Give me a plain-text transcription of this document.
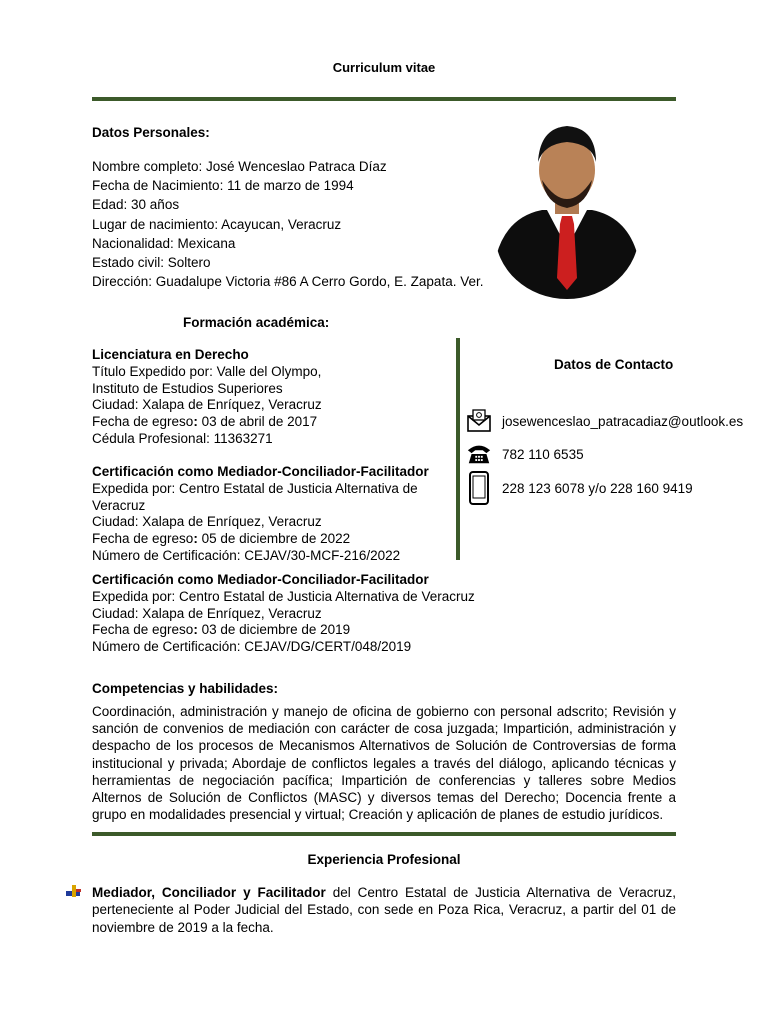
Curriculum vitae
Datos Personales:
Nombre completo: José Wenceslao Patraca Díaz
Fecha de Nacimiento: 11 de marzo de 1994
Edad: 30 años
Lugar de nacimiento: Acayucan, Veracruz
Nacionalidad: Mexicana
Estado civil: Soltero
Dirección: Guadalupe Victoria #86 A Cerro Gordo, E. Zapata. Ver.
Formación académica:
Licenciatura en Derecho
Título Expedido por: Valle del Olympo,
Instituto de Estudios Superiores
Ciudad: Xalapa de Enríquez, Veracruz
Fecha de egreso: 03 de abril de 2017
Cédula Profesional: 11363271
Certificación como Mediador-Conciliador-Facilitador
Expedida por: Centro Estatal de Justicia Alternativa de Veracruz
Ciudad: Xalapa de Enríquez, Veracruz
Fecha de egreso: 05 de diciembre de 2022
Número de Certificación: CEJAV/30-MCF-216/2022
Certificación como Mediador-Conciliador-Facilitador
Expedida por: Centro Estatal de Justicia Alternativa de Veracruz
Ciudad: Xalapa de Enríquez, Veracruz
Fecha de egreso: 03 de diciembre de 2019
Número de Certificación: CEJAV/DG/CERT/048/2019
Datos de Contacto
josewenceslao_patracadiaz@outlook.es
782 110 6535
228 123 6078 y/o 228 160 9419
Competencias y habilidades:
Coordinación, administración y manejo de oficina de gobierno con personal adscrito; Revisión y sanción de convenios de mediación con carácter de cosa juzgada; Impartición, administración y despacho de los procesos de Mecanismos Alternativos de Solución de Controversias de forma institucional y privada; Abordaje de conflictos legales a través del diálogo, aplicando técnicas y herramientas de negociación pacífica; Impartición de conferencias y talleres sobre Medios Alternos de Solución de Conflictos (MASC) y diversos temas del Derecho; Docencia frente a grupo en modalidades presencial y virtual; Creación y aplicación de planes de estudio jurídicos.
Experiencia Profesional
Mediador, Conciliador y Facilitador del Centro Estatal de Justicia Alternativa de Veracruz, perteneciente al Poder Judicial del Estado, con sede en Poza Rica, Veracruz, a partir del 01 de noviembre de 2019 a la fecha.
